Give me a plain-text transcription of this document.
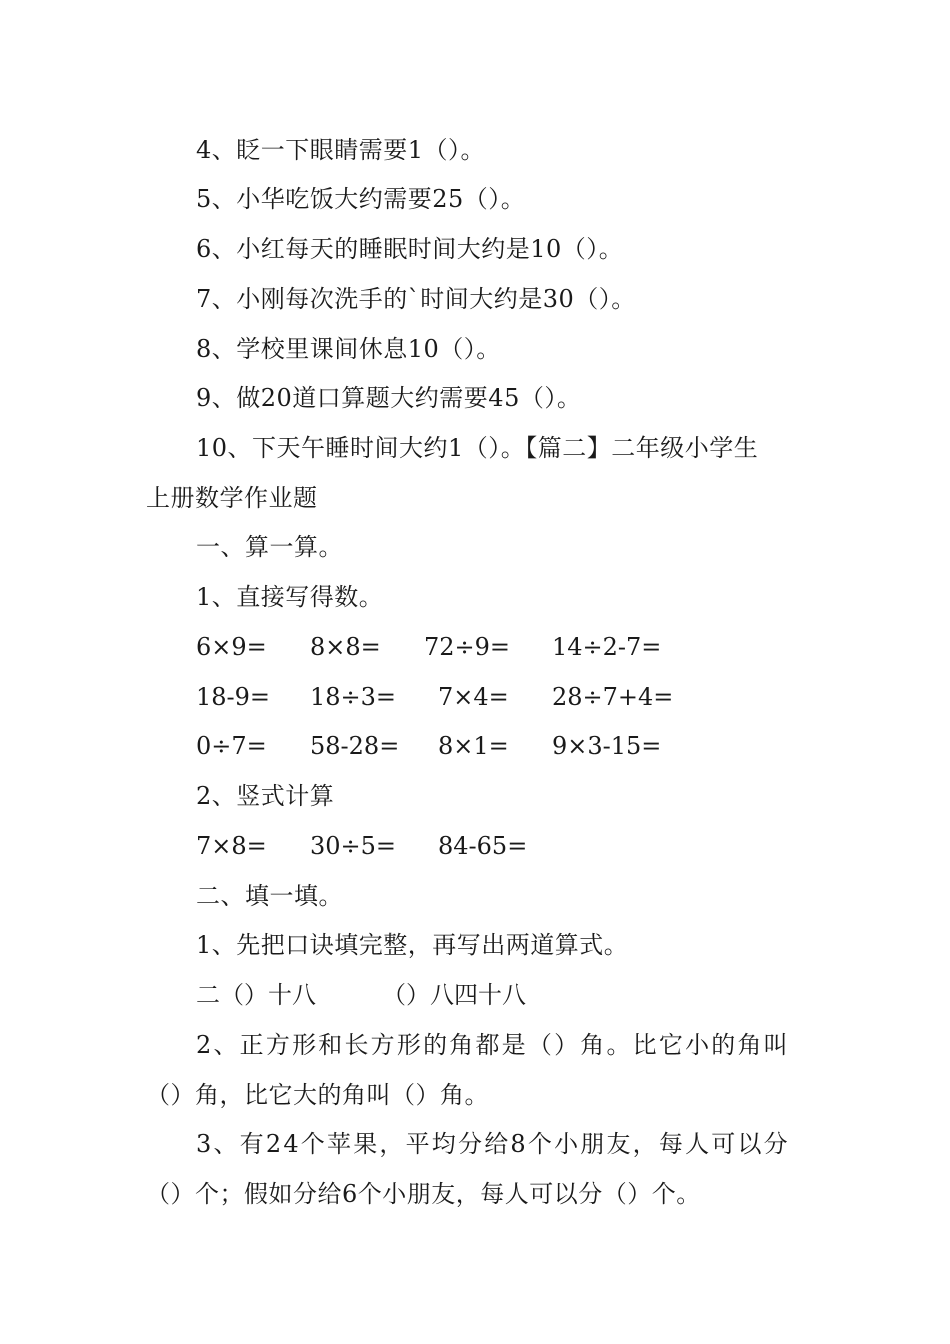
4、眨一下眼睛需要1（）。
5、小华吃饭大约需要25（）。
6、小红每天的睡眠时间大约是10（）。
7、小刚每次洗手的`时间大约是30（）。
8、学校里课间休息10（）。
9、做20道口算题大约需要45（）。
10、下天午睡时间大约1（）。【篇二】二年级小学生
上册数学作业题
一、算一算。
1、直接写得数。
6×9= 8×8= 72÷9= 14÷2-7=
18-9= 18÷3= 7×4= 28÷7+4=
0÷7= 58-28= 8×1= 9×3-15=
2、竖式计算
7×8= 30÷5= 84-65=
二、填一填。
1、先把口诀填完整，再写出两道算式。
二（）十八	（）八四十八
2、正方形和长方形的角都是（）角。比它小的角叫
（）角，比它大的角叫（）角。
3、有24个苹果，平均分给8个小朋友，每人可以分
（）个；假如分给6个小朋友，每人可以分（）个。
